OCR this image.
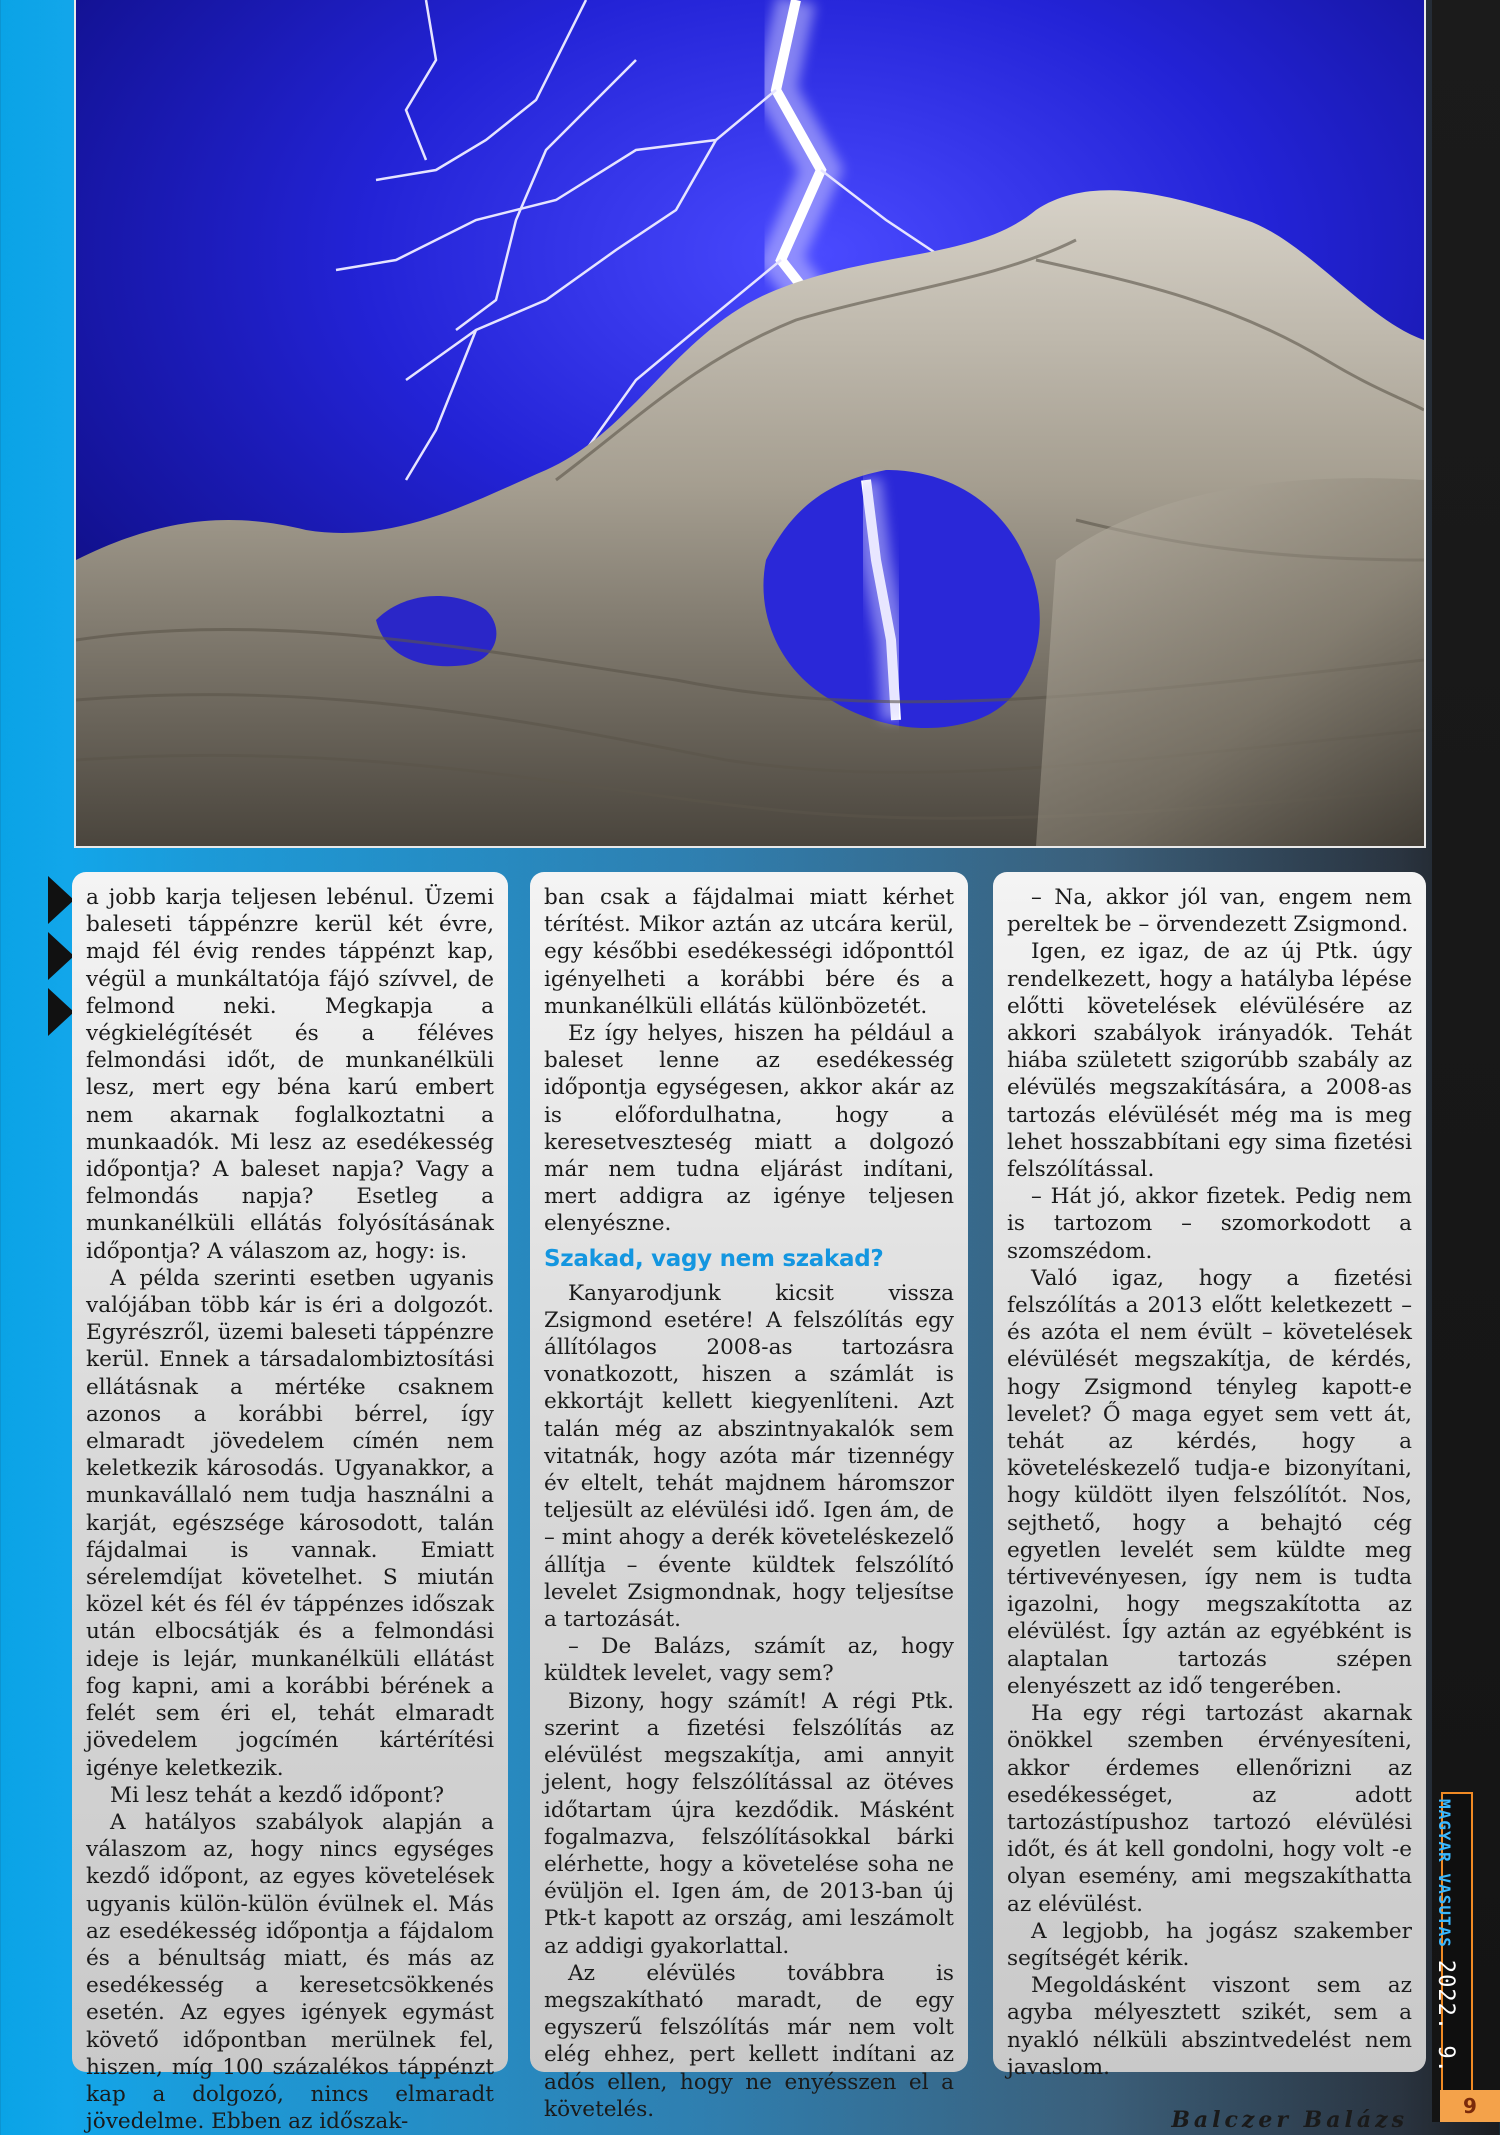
a jobb karja teljesen lebénul. Üzemi baleseti táppénzre kerül két évre, majd fél évig rendes táppénzt kap, végül a munkáltatója fájó szívvel, de felmond neki. Megkapja a végkielégítését és a féléves felmondási időt, de munkanélküli lesz, mert egy béna karú embert nem akarnak foglalkoztatni a munkaadók. Mi lesz az esedékesség időpontja? A baleset napja? Vagy a felmondás napja? Esetleg a munkanélküli ellátás folyósításának időpontja? A válaszom az, hogy: is.

A példa szerinti esetben ugyanis valójában több kár is éri a dolgozót. Egyrészről, üzemi baleseti táppénzre kerül. Ennek a társadalombiztosítási ellátásnak a mértéke csaknem azonos a korábbi bérrel, így elmaradt jövedelem címén nem keletkezik károsodás. Ugyanakkor, a munkavállaló nem tudja használni a karját, egészsége károsodott, talán fájdalmai is vannak. Emiatt sérelemdíjat követelhet. S miután közel két és fél év táppénzes időszak után elbocsátják és a felmondási ideje is lejár, munkanélküli ellátást fog kapni, ami a korábbi bérének a felét sem éri el, tehát elmaradt jövedelem jogcímén kártérítési igénye keletkezik.

Mi lesz tehát a kezdő időpont?

A hatályos szabályok alapján a válaszom az, hogy nincs egységes kezdő időpont, az egyes követelések ugyanis külön-külön évülnek el. Más az esedékesség időpontja a fájdalom és a bénultság miatt, és más az esedékesség a keresetcsökkenés esetén. Az egyes igények egymást követő időpontban merülnek fel, hiszen, míg 100 százalékos táppénzt kap a dolgozó, nincs elmaradt jövedelme. Ebben az időszak-

ban csak a fájdalmai miatt kérhet térítést. Mikor aztán az utcára kerül, egy későbbi esedékességi időponttól igényelheti a korábbi bére és a munkanélküli ellátás különbözetét.

Ez így helyes, hiszen ha például a baleset lenne az esedékesség időpontja egységesen, akkor akár az is előfordulhatna, hogy a keresetveszteség miatt a dolgozó már nem tudna eljárást indítani, mert addigra az igénye teljesen elenyészne.

Szakad, vagy nem szakad?

Kanyarodjunk kicsit vissza Zsigmond esetére! A felszólítás egy állítólagos 2008-as tartozásra vonatkozott, hiszen a számlát is ekkortájt kellett kiegyenlíteni. Azt talán még az abszintnyakalók sem vitatnák, hogy azóta már tizennégy év eltelt, tehát majdnem háromszor teljesült az elévülési idő. Igen ám, de – mint ahogy a derék követeléskezelő állítja – évente küldtek felszólító levelet Zsigmondnak, hogy teljesítse a tartozását.

– De Balázs, számít az, hogy küldtek levelet, vagy sem?

Bizony, hogy számít! A régi Ptk. szerint a fizetési felszólítás az elévülést megszakítja, ami annyit jelent, hogy felszólítással az ötéves időtartam újra kezdődik. Másként fogalmazva, felszólításokkal bárki elérhette, hogy a követelése soha ne évüljön el. Igen ám, de 2013-ban új Ptk-t kapott az ország, ami leszámolt az addigi gyakorlattal.

Az elévülés továbbra is megszakítható maradt, de egy egyszerű felszólítás már nem volt elég ehhez, pert kellett indítani az adós ellen, hogy ne enyésszen el a követelés.

– Na, akkor jól van, engem nem pereltek be – örvendezett Zsigmond.

Igen, ez igaz, de az új Ptk. úgy rendelkezett, hogy a hatályba lépése előtti követelések elévülésére az akkori szabályok irányadók. Tehát hiába született szigorúbb szabály az elévülés megszakítására, a 2008-as tartozás elévülését még ma is meg lehet hosszabbítani egy sima fizetési felszólítással.

– Hát jó, akkor fizetek. Pedig nem is tartozom – szomorkodott a szomszédom.

Való igaz, hogy a fizetési felszólítás a 2013 előtt keletkezett – és azóta el nem évült – követelések elévülését megszakítja, de kérdés, hogy Zsigmond tényleg kapott-e levelet? Ő maga egyet sem vett át, tehát az kérdés, hogy a követeléskezelő tudja-e bizonyítani, hogy küldött ilyen felszólítót. Nos, sejthető, hogy a behajtó cég egyetlen levelét sem küldte meg tértivevényesen, így nem is tudta igazolni, hogy megszakította az elévülést. Így aztán az egyébként is alaptalan tartozás szépen elenyészett az idő tengerében.

Ha egy régi tartozást akarnak önökkel szemben érvényesíteni, akkor érdemes ellenőrizni az esedékességet, az adott tartozástípushoz tartozó elévülési időt, és át kell gondolni, hogy volt -e olyan esemény, ami megszakíthatta az elévülést.

A legjobb, ha jogász szakember segítségét kérik.

Megoldásként viszont sem az agyba mélyesztett szikét, sem a nyakló nélküli abszintvedelést nem javaslom.

Balczer Balázs
MAGYAR VASUTAS2022. 9.
9
